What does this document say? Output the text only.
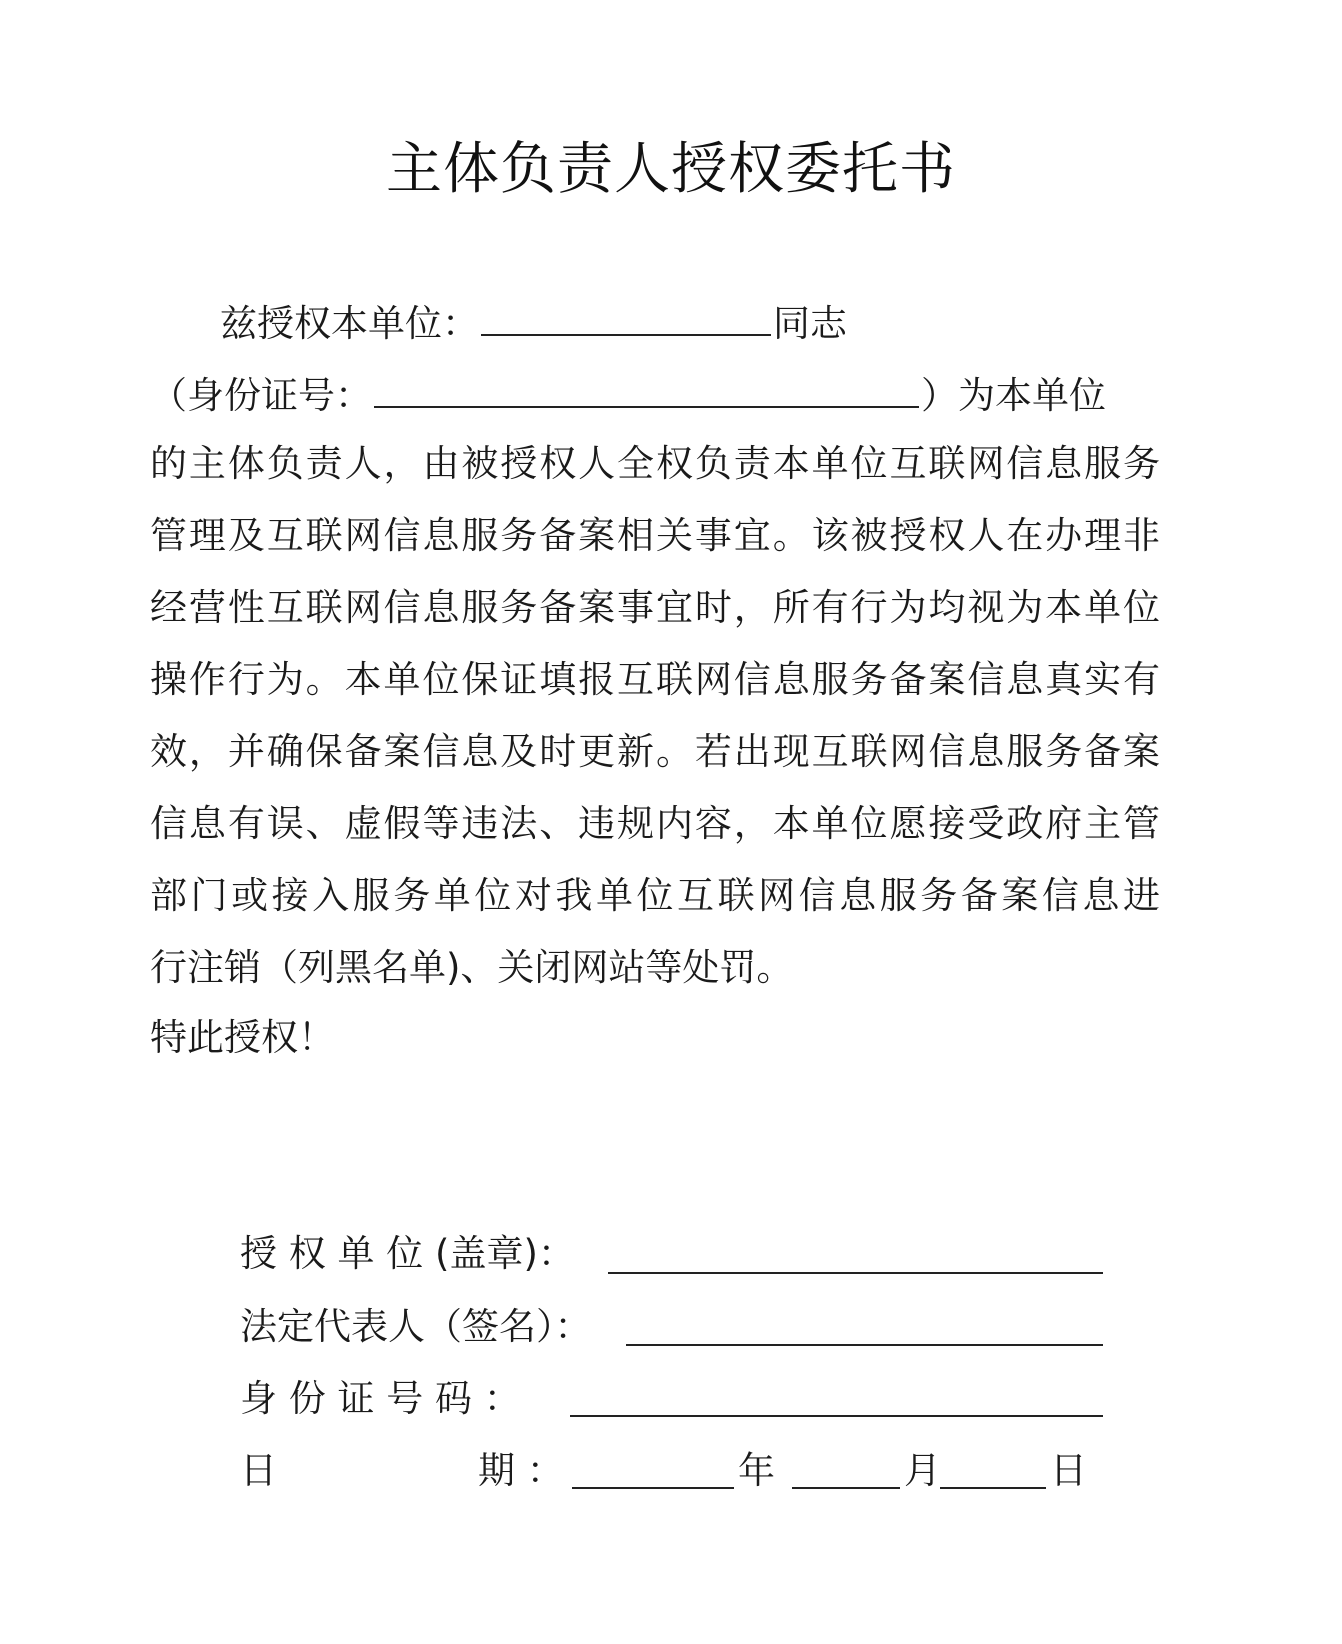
主体负责人授权委托书
兹授权本单位：	同志
（身份证号：	）为本单位
的主体负责人，由被授权人全权负责本单位互联网信息服务
管理及互联网信息服务备案相关事宜。该被授权人在办理非
经营性互联网信息服务备案事宜时，所有行为均视为本单位
操作行为。本单位保证填报互联网信息服务备案信息真实有
效，并确保备案信息及时更新。若出现互联网信息服务备案
信息有误、虚假等违法、违规内容，本单位愿接受政府主管
部门或接入服务单位对我单位互联网信息服务备案信息进
行注销（列黑名单)、关闭网站等处罚。
特此授权！
授 权 单 位 (盖章)：
法定代表人（签名）：
身 份 证 号 码 ：
日	期 ：	年	月	日
